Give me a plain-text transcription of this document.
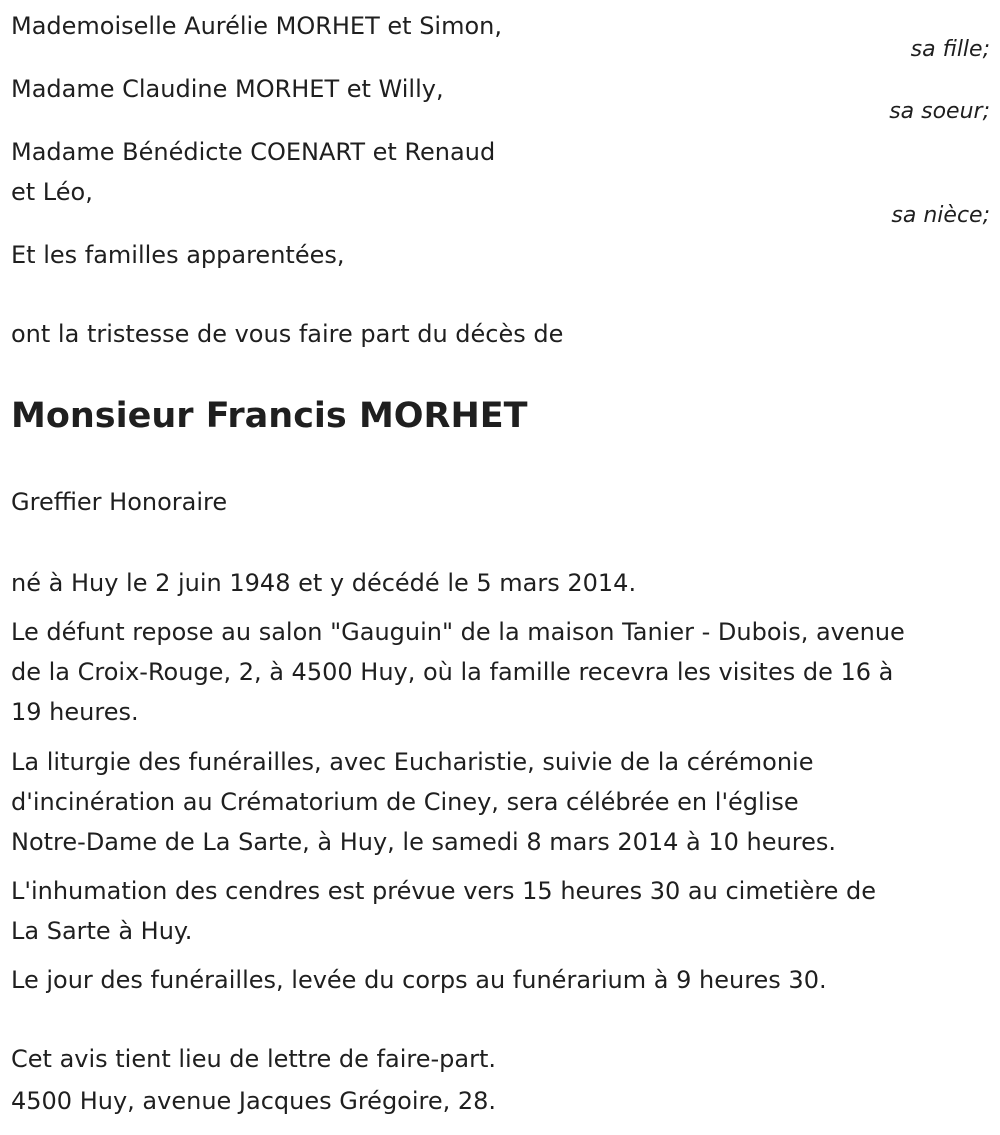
Mademoiselle Aurélie MORHET et Simon,
sa fille;
Madame Claudine MORHET et Willy,
sa soeur;
Madame Bénédicte COENART et Renaud
et Léo,
sa nièce;
Et les familles apparentées,
ont la tristesse de vous faire part du décès de
Monsieur Francis MORHET
Greffier Honoraire
né à Huy le 2 juin 1948 et y décédé le 5 mars 2014.
Le défunt repose au salon "Gauguin" de la maison Tanier - Dubois, avenue
de la Croix-Rouge, 2, à 4500 Huy, où la famille recevra les visites de 16 à
19 heures.
La liturgie des funérailles, avec Eucharistie, suivie de la cérémonie
d'incinération au Crématorium de Ciney, sera célébrée en l'église
Notre-Dame de La Sarte, à Huy, le samedi 8 mars 2014 à 10 heures.
L'inhumation des cendres est prévue vers 15 heures 30 au cimetière de
La Sarte à Huy.
Le jour des funérailles, levée du corps au funérarium à 9 heures 30.
Cet avis tient lieu de lettre de faire-part.
4500 Huy, avenue Jacques Grégoire, 28.
